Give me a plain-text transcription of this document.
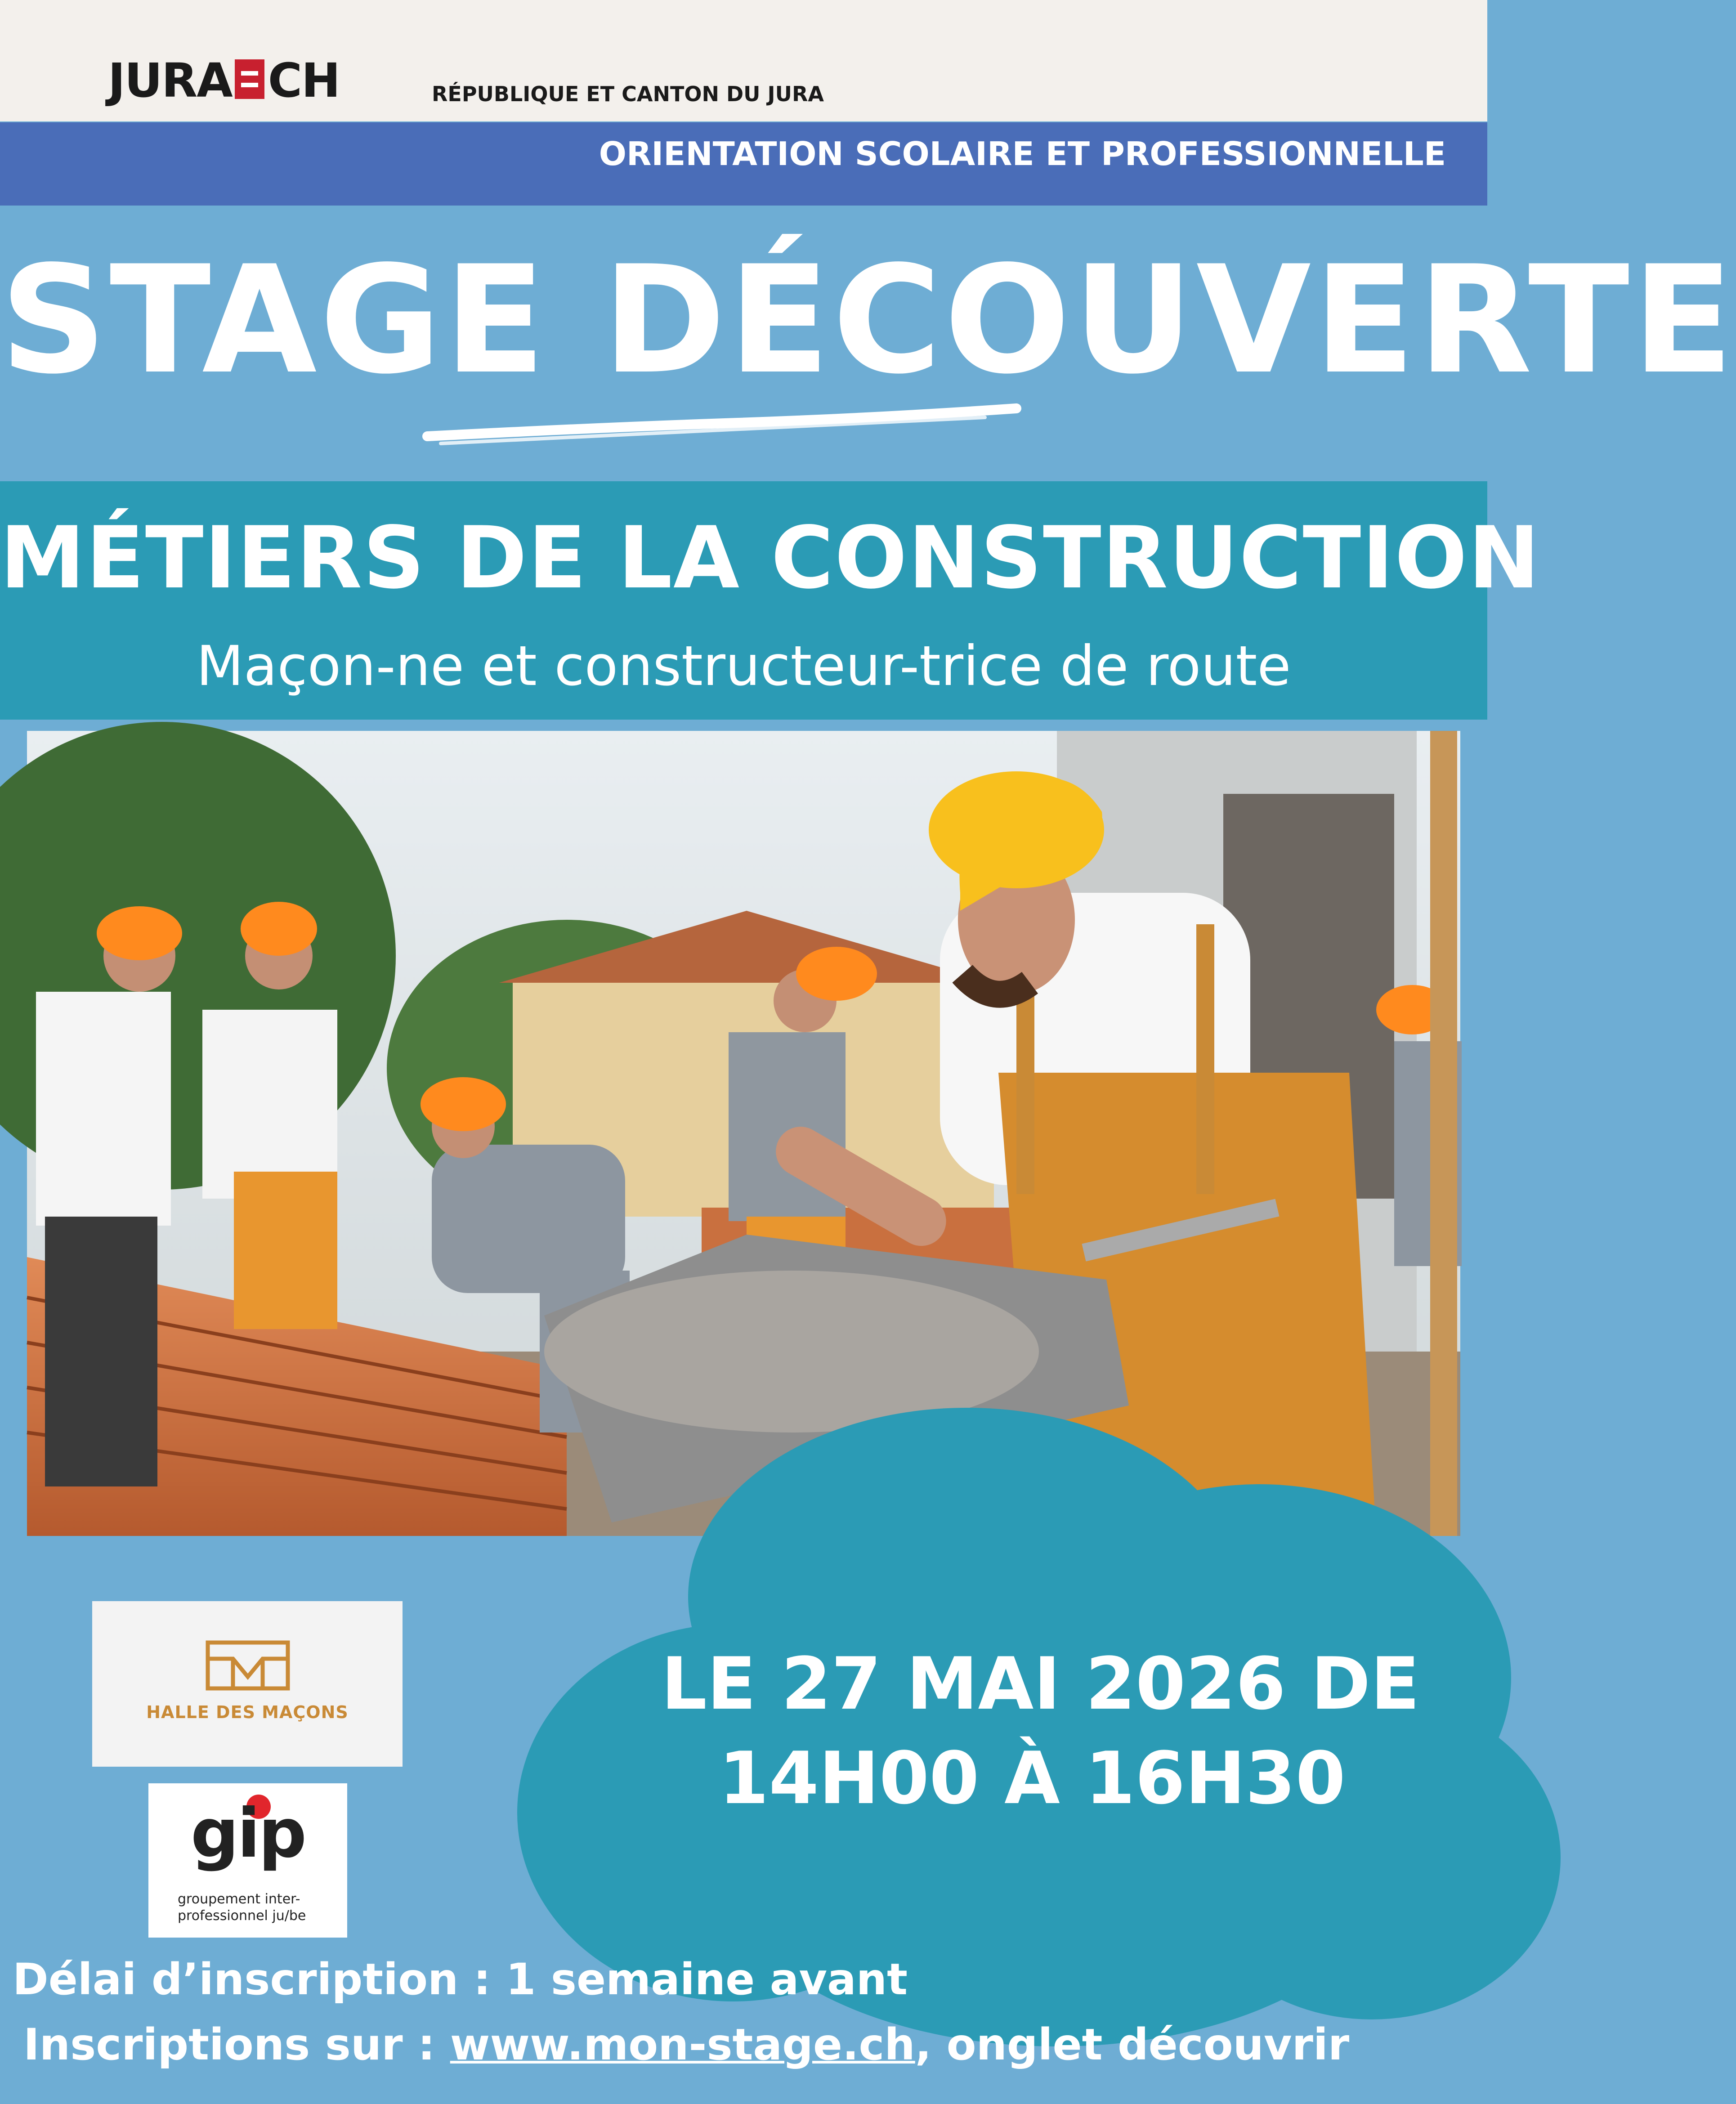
JURA CH	RÉPUBLIQUE ET CANTON DU JURA
ORIENTATION SCOLAIRE ET PROFESSIONNELLE
STAGE DÉCOUVERTE
MÉTIERS DE LA CONSTRUCTION
Maçon-ne et constructeur-trice de route
LE 27 MAI 2026 DE
14H00 À 16H30
HALLE DES MAÇONS
gip
groupement inter-
professionnel ju/be
Délai d’inscription : 1 semaine avant
Inscriptions sur : www.mon-stage.ch, onglet découvrir
